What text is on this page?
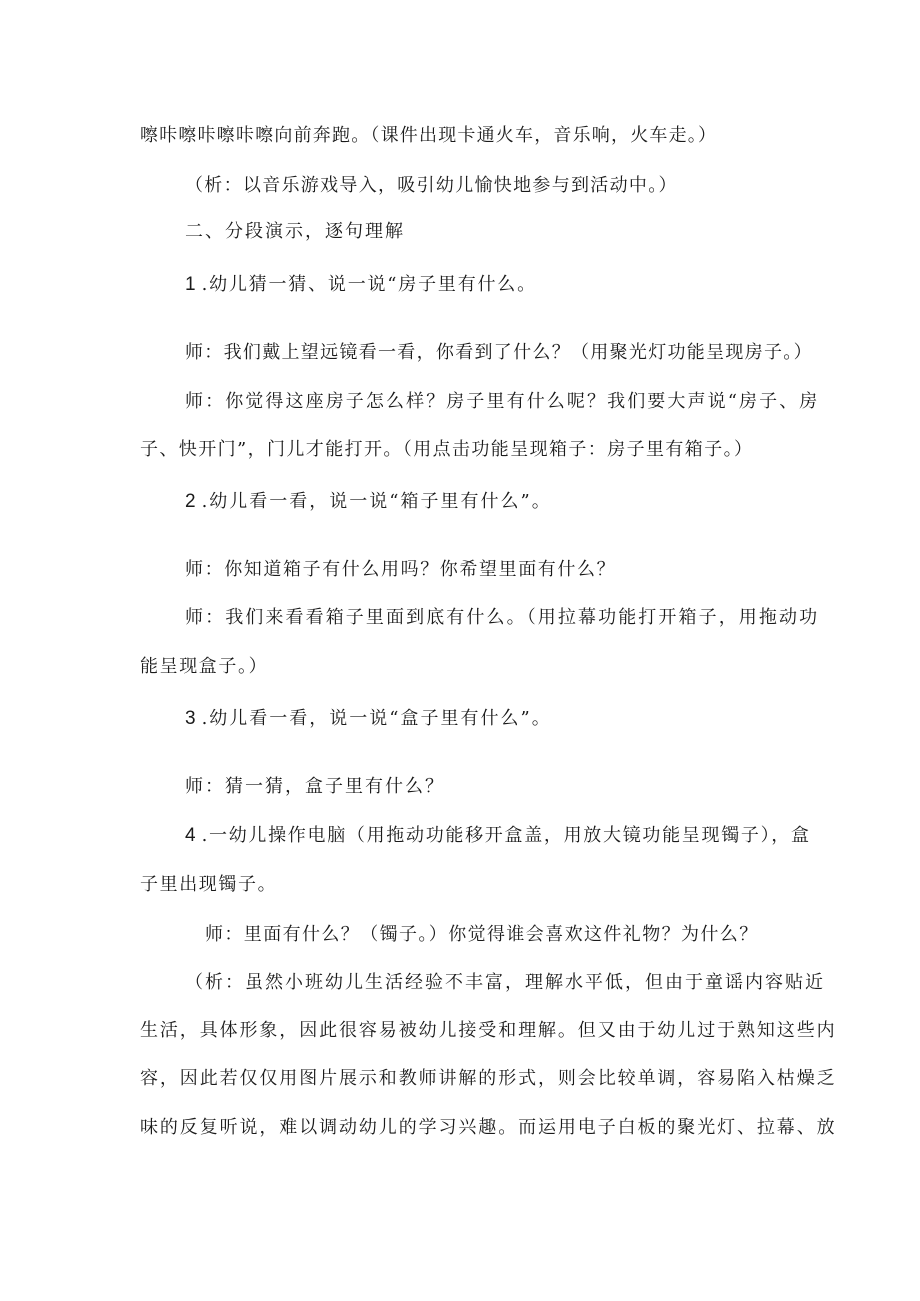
嚓咔嚓咔嚓咔嚓向前奔跑。（课件出现卡通火车，音乐响，火车走。）
（析：以音乐游戏导入，吸引幼儿愉快地参与到活动中。）
二、分段演示，逐句理解
1 .幼儿猜一猜、说一说“房子里有什么。
师：我们戴上望远镜看一看，你看到了什么？（用聚光灯功能呈现房子。）
师：你觉得这座房子怎么样？房子里有什么呢？我们要大声说“房子、房
子、快开门”，门儿才能打开。（用点击功能呈现箱子：房子里有箱子。）
2 .幼儿看一看，说一说“箱子里有什么”。
师：你知道箱子有什么用吗？你希望里面有什么？
师：我们来看看箱子里面到底有什么。（用拉幕功能打开箱子，用拖动功
能呈现盒子。）
3 .幼儿看一看，说一说“盒子里有什么”。
师：猜一猜，盒子里有什么？
4 .一幼儿操作电脑（用拖动功能移开盒盖，用放大镜功能呈现镯子），盒
子里出现镯子。
师：里面有什么？（镯子。）你觉得谁会喜欢这件礼物？为什么？
（析：虽然小班幼儿生活经验不丰富，理解水平低，但由于童谣内容贴近
生活，具体形象，因此很容易被幼儿接受和理解。但又由于幼儿过于熟知这些内
容，因此若仅仅用图片展示和教师讲解的形式，则会比较单调，容易陷入枯燥乏
味的反复听说，难以调动幼儿的学习兴趣。而运用电子白板的聚光灯、拉幕、放
